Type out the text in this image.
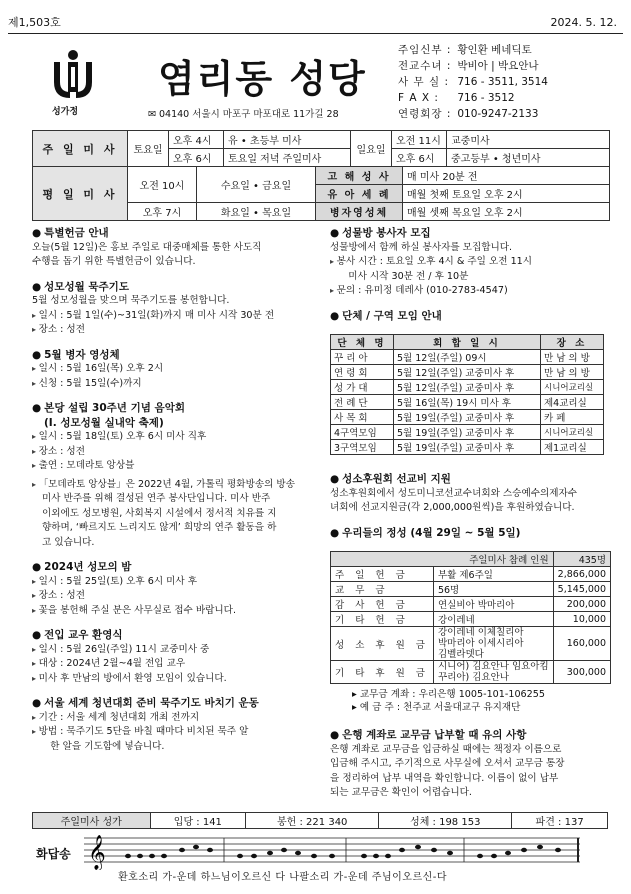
제1,503호	2024. 5. 12.
성가정
염리동 성당
✉ 04140 서울시 마포구 마포대로 11가길 28
주임신부 : 황인환 베네딕토
전교수녀 : 박비아 | 박요안나
사 무 실 : 716 - 3511, 3514
F A X : 716 - 3512
연령회장 : 010-9247-2133
주 일 미 사	토요일	오후 4시	유 • 초등부 미사	일요일	오전 11시	교중미사
		오후 6시	토요일 저녁 주일미사		오후 6시	중고등부 • 청년미사
평 일 미 사	오전 10시	수요일 • 금요일	고 해 성 사	매 미사 20분 전
			유 아 세 례	매월 첫째 토요일 오후 2시
	오후 7시	화요일 • 목요일	병자영성체	매월 셋째 목요일 오후 2시
● 특별헌금 안내
오늘(5월 12일)은 홍보 주일로 대중매체를 통한 사도직
수행을 돕기 위한 특별헌금이 있습니다.
● 성모성월 묵주기도
5월 성모성월을 맞으며 묵주기도를 봉헌합니다.
▸ 일시 : 5월 1일(수)~31일(화)까지 매 미사 시작 30분 전
▸ 장소 : 성전
● 5월 병자 영성체
▸ 일시 : 5월 16일(목) 오후 2시
▸ 신청 : 5월 15일(수)까지
● 본당 설립 30주년 기념 음악회
(Ⅰ. 성모성월 실내악 축제)
▸ 일시 : 5월 18일(토) 오후 6시 미사 직후
▸ 장소 : 성전
▸ 출연 : 모데라토 앙상블
▸ 「모데라토 앙상블」은 2022년 4월, 가톨릭 평화방송의 방송
미사 반주를 위해 결성된 연주 봉사단입니다. 미사 반주
이외에도 성모병원, 사회복지 시설에서 정서적 치유를 지
향하며, ‘빠르지도 느리지도 않게’ 희망의 연주 활동을 하
고 있습니다.
● 2024년 성모의 밤
▸ 일시 : 5월 25일(토) 오후 6시 미사 후
▸ 장소 : 성전
▸ 꽃을 봉헌해 주실 분은 사무실로 접수 바랍니다.
● 전입 교우 환영식
▸ 일시 : 5월 26일(주일) 11시 교중미사 중
▸ 대상 : 2024년 2월~4월 전입 교우
▸ 미사 후 만남의 방에서 환영 모임이 있습니다.
● 서울 세계 청년대회 준비 묵주기도 바치기 운동
▸ 기간 : 서울 세계 청년대회 개최 전까지
▸ 방법 : 묵주기도 5단을 바칠 때마다 비치된 묵주 알
한 알을 기도함에 넣습니다.
● 성물방 봉사자 모집
성물방에서 함께 하실 봉사자를 모집합니다.
▸ 봉사 시간 : 토요일 오후 4시 & 주일 오전 11시
미사 시작 30분 전 / 후 10분
▸ 문의 : 유미정 데레사 (010-2783-4547)
● 단체 / 구역 모임 안내
단 체 명	회 합 일 시	장 소
꾸 리 아	5월 12일(주일) 09시	만 남 의 방
연 령 회	5월 12일(주일) 교중미사 후	만 남 의 방
성 가 대	5월 12일(주일) 교중미사 후	시니어교리실
전 례 단	5월 16일(목) 19시 미사 후	제4교리실
사 목 회	5월 19일(주일) 교중미사 후	카 페
4구역모임	5월 19일(주일) 교중미사 후	시니어교리실
3구역모임	5월 19일(주일) 교중미사 후	제1교리실
● 성소후원회 선교비 지원
성소후원회에서 성도미니코선교수녀회와 스승예수의제자수
녀회에 선교지원금(각 2,000,000원씩)을 후원하였습니다.
● 우리들의 정성 (4월 29일 ~ 5월 5일)
주일미사 참례 인원		435명
주 일 헌 금	부활 제6주일	2,866,000
교 무 금	56명	5,145,000
감 사 헌 금	연실비아 박마리아	200,000
기 타 헌 금	강이레네	10,000
성 소 후 원 금	강이레네 이체칠리아
박마리아 이세시리아
김벨라뎃다	160,000
기 타 후 원 금	시니어) 김요안나 임요아킴
꾸리아) 김요안나	300,000
▸ 교무금 계좌 : 우리은행 1005-101-106255
▸ 예 금 주 : 천주교 서울대교구 유지재단
● 은행 계좌로 교무금 납부할 때 유의 사항
은행 계좌로 교무금을 입금하실 때에는 책정자 이름으로
입금해 주시고, 주기적으로 사무실에 오셔서 교무금 통장
을 정리하여 납부 내역을 확인합니다. 이름이 없이 납부
되는 교무금은 확인이 어렵습니다.
주일미사 성가	입당 : 141	봉헌 : 221 340	성체 : 198 153	파견 : 137
화답송 𝄞
환호소리 가-운데 하느님이오르신 다 나팔소리 가-운데 주님이오르신-다
